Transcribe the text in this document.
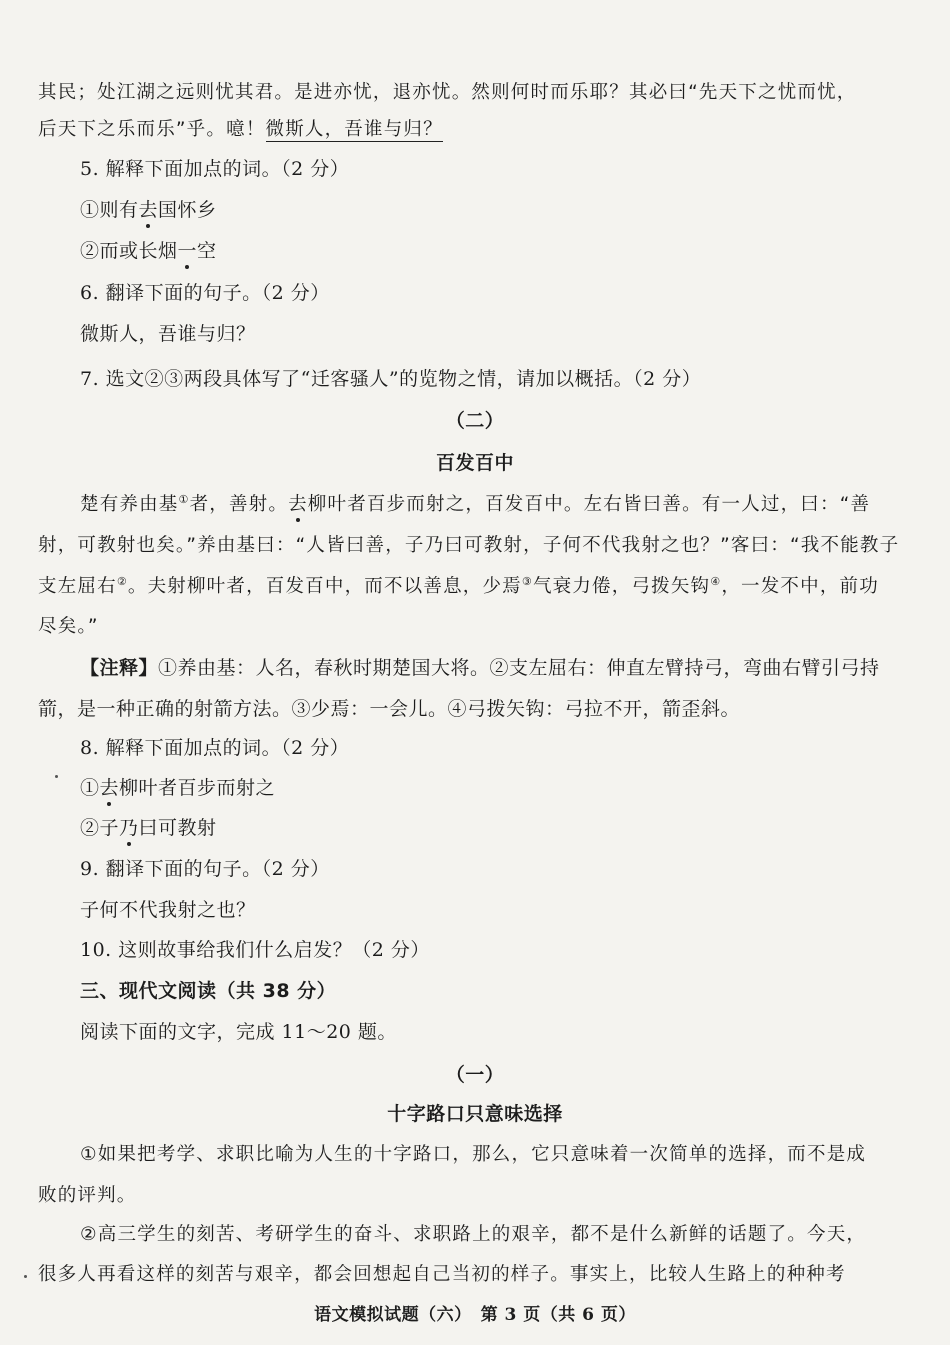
其民；处江湖之远则忧其君。是进亦忧，退亦忧。然则何时而乐耶？其必曰“先天下之忧而忧，
后天下之乐而乐”乎。噫！微斯人，吾谁与归？
5. 解释下面加点的词。（2 分）
①则有去国怀乡
②而或长烟一空
6. 翻译下面的句子。（2 分）
微斯人，吾谁与归？
7. 选文②③两段具体写了“迁客骚人”的览物之情，请加以概括。（2 分）
（二）
百发百中
楚有养由基①者，善射。去柳叶者百步而射之，百发百中。左右皆曰善。有一人过，曰：“善
射，可教射也矣。”养由基曰：“人皆曰善，子乃曰可教射，子何不代我射之也？”客曰：“我不能教子
支左屈右②。夫射柳叶者，百发百中，而不以善息，少焉③气衰力倦，弓拨矢钩④，一发不中，前功
尽矣。”
【注释】①养由基：人名，春秋时期楚国大将。②支左屈右：伸直左臂持弓，弯曲右臂引弓持
箭，是一种正确的射箭方法。③少焉：一会儿。④弓拨矢钩：弓拉不开，箭歪斜。
8. 解释下面加点的词。（2 分）
①去柳叶者百步而射之
②子乃曰可教射
9. 翻译下面的句子。（2 分）
子何不代我射之也？
10. 这则故事给我们什么启发？（2 分）
三、现代文阅读（共 38 分）
阅读下面的文字，完成 11～20 题。
（一）
十字路口只意味选择
①如果把考学、求职比喻为人生的十字路口，那么，它只意味着一次简单的选择，而不是成
败的评判。
②高三学生的刻苦、考研学生的奋斗、求职路上的艰辛，都不是什么新鲜的话题了。今天，
很多人再看这样的刻苦与艰辛，都会回想起自己当初的样子。事实上，比较人生路上的种种考
语文模拟试题（六）　第 3 页（共 6 页）
